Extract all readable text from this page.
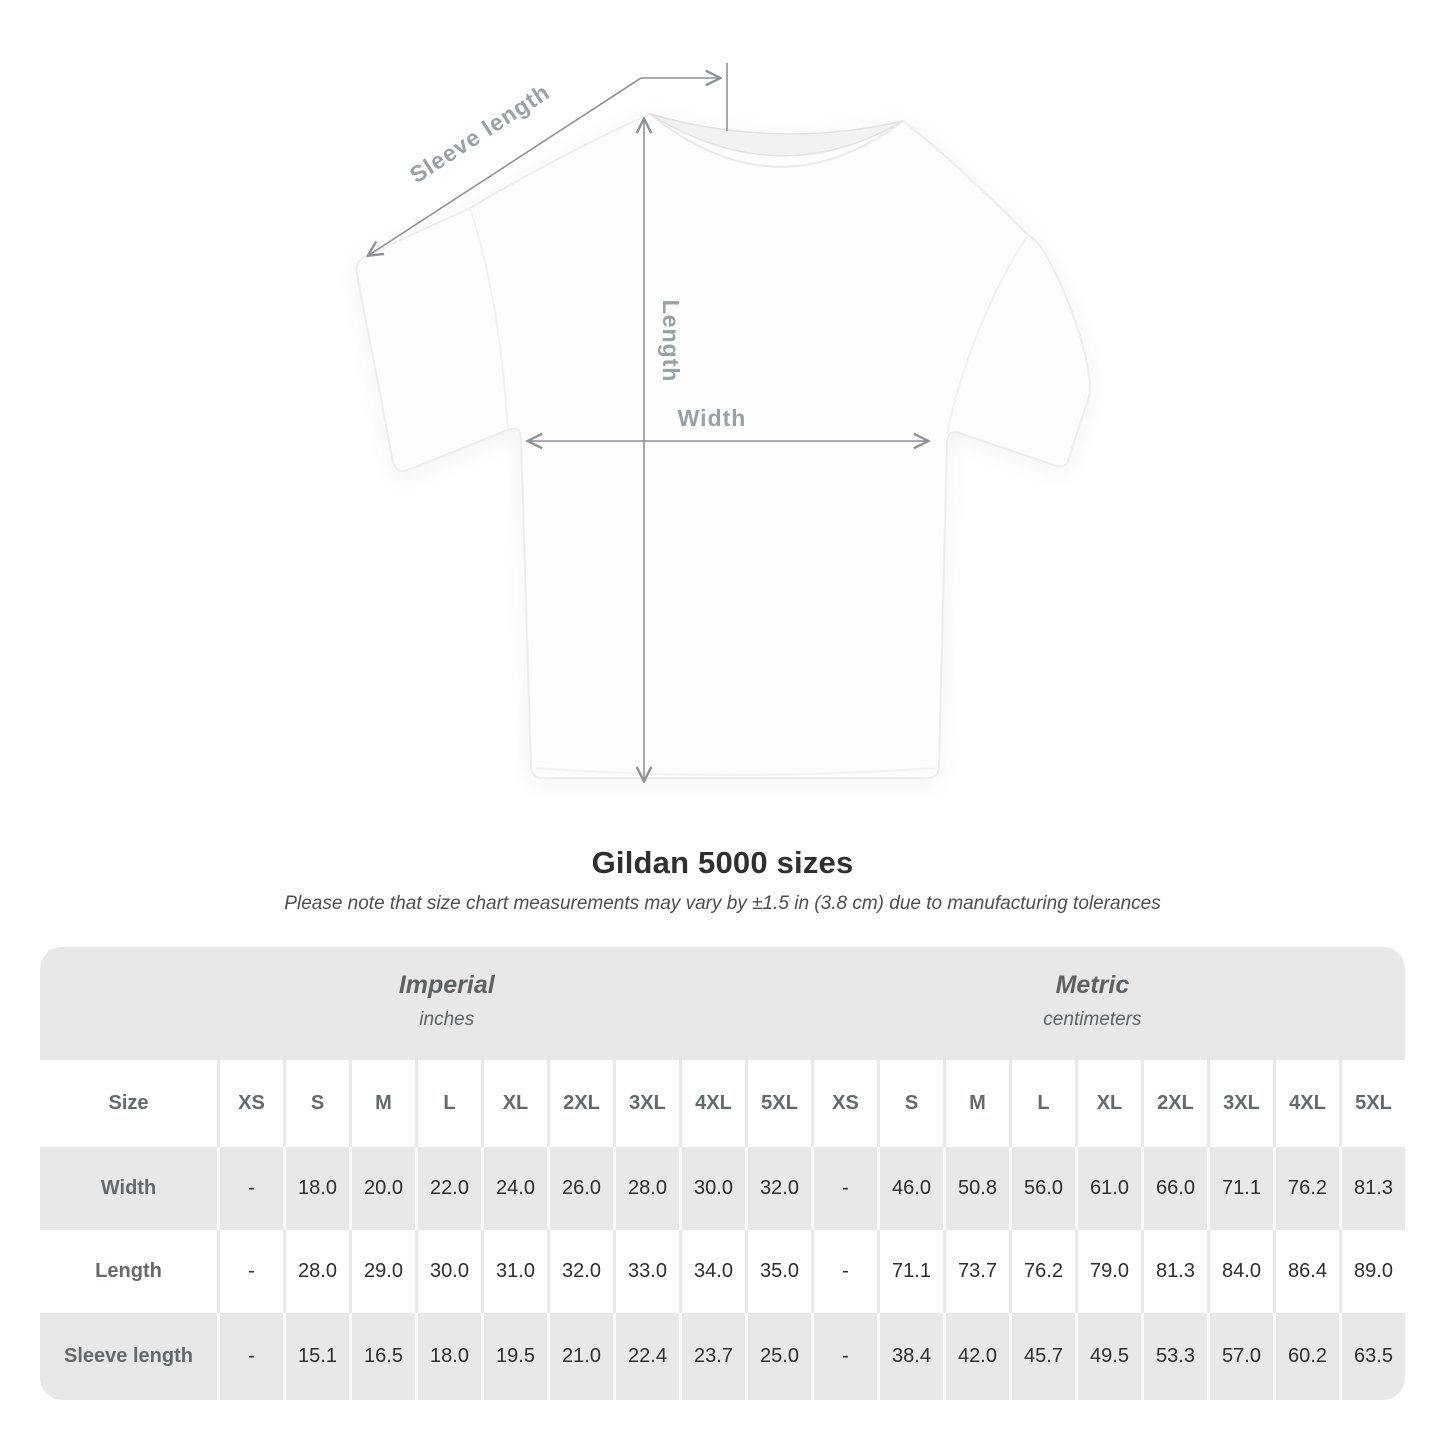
Sleeve length
Length
Width
Gildan 5000 sizes
Please note that size chart measurements may vary by ±1.5 in (3.8 cm) due to manufacturing tolerances
Imperial
inches
Metric
centimeters
Size	XS	S	M	L	XL	2XL	3XL	4XL	5XL	XS	S	M	L	XL	2XL	3XL	4XL	5XL
Width	-	18.0	20.0	22.0	24.0	26.0	28.0	30.0	32.0	-	46.0	50.8	56.0	61.0	66.0	71.1	76.2	81.3
Length	-	28.0	29.0	30.0	31.0	32.0	33.0	34.0	35.0	-	71.1	73.7	76.2	79.0	81.3	84.0	86.4	89.0
Sleeve length	-	15.1	16.5	18.0	19.5	21.0	22.4	23.7	25.0	-	38.4	42.0	45.7	49.5	53.3	57.0	60.2	63.5
